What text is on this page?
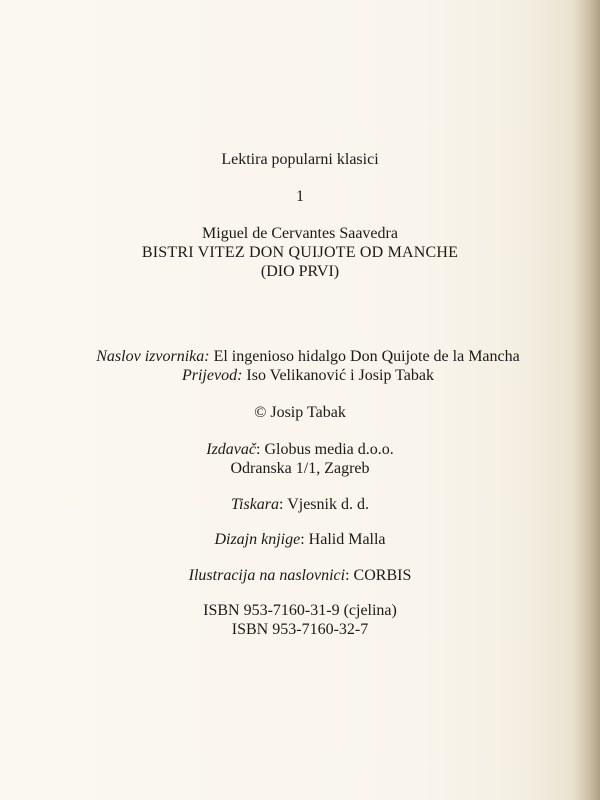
Lektira popularni klasici
1
Miguel de Cervantes Saavedra
BISTRI VITEZ DON QUIJOTE OD MANCHE
(DIO PRVI)
Naslov izvornika: El ingenioso hidalgo Don Quijote de la Mancha
Prijevod: Iso Velikanović i Josip Tabak
© Josip Tabak
Izdavač: Globus media d.o.o.
Odranska 1/1, Zagreb
Tiskara: Vjesnik d. d.
Dizajn knjige: Halid Malla
Ilustracija na naslovnici: CORBIS
ISBN 953-7160-31-9 (cjelina)
ISBN 953-7160-32-7
